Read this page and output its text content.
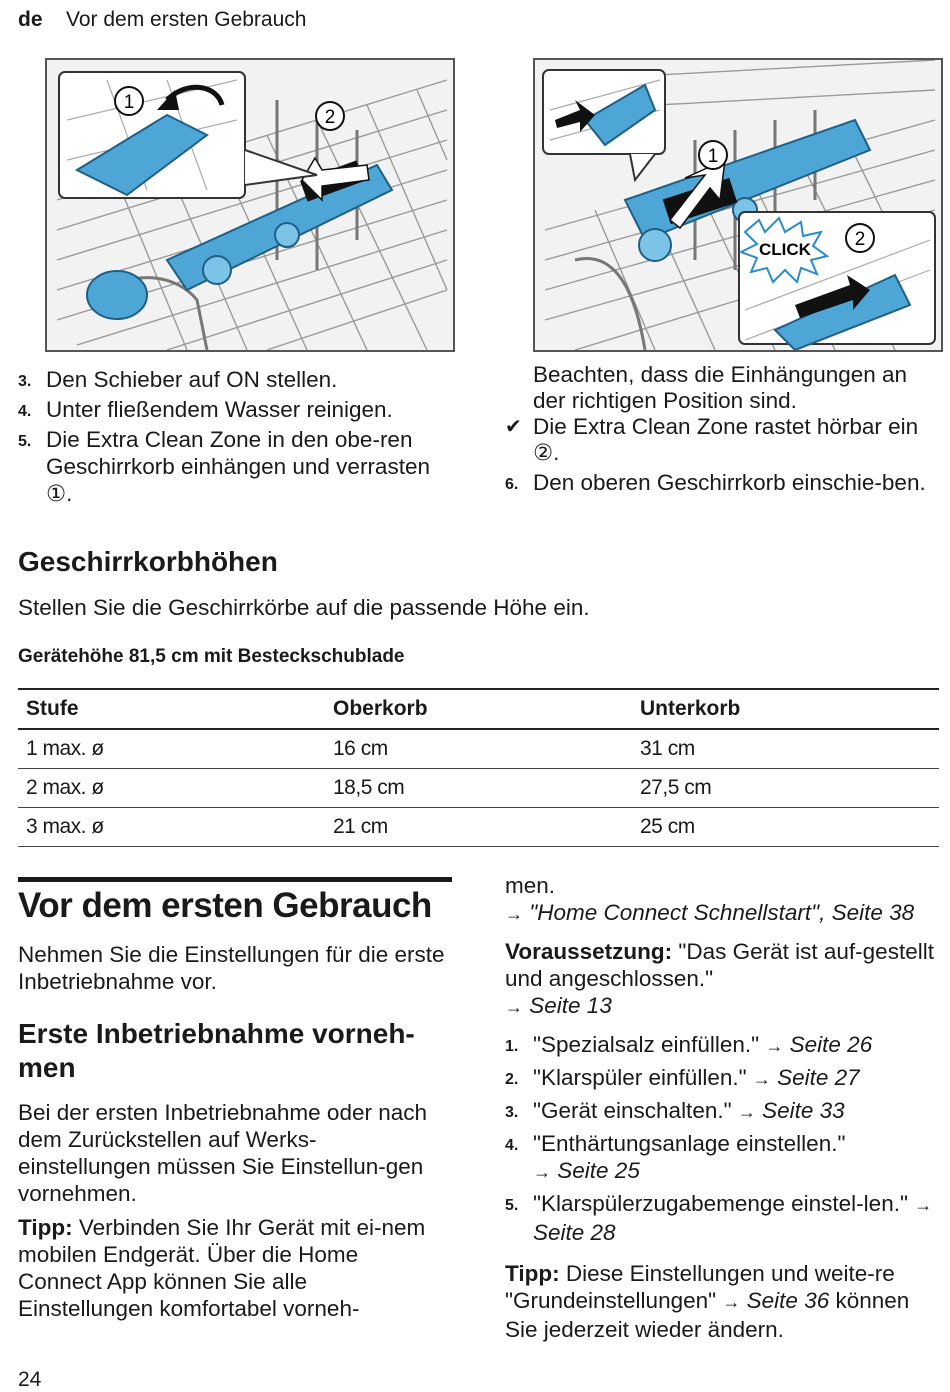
de Vor dem ersten Gebrauch
1
2
CLICK
1
2
3. Den Schieber auf ON stellen.
4. Unter fließendem Wasser reinigen.
5. Die Extra Clean Zone in den obe-ren Geschirrkorb einhängen und verrasten ①.

Beachten, dass die Einhängungen an der richtigen Position sind.

✔ Die Extra Clean Zone rastet hörbar ein ②.
6. Den oberen Geschirrkorb einschie-ben.
Geschirrkorbhöhen

Stellen Sie die Geschirrkörbe auf die passende Höhe ein.

Gerätehöhe 81,5 cm mit Besteckschublade
Stufe	Oberkorb	Unterkorb
1 max. ø	16 cm	31 cm
2 max. ø	18,5 cm	27,5 cm
3 max. ø	21 cm	25 cm
Vor dem ersten Gebrauch

Nehmen Sie die Einstellungen für die erste Inbetriebnahme vor.

Erste Inbetriebnahme vorneh-men

Bei der ersten Inbetriebnahme oder nach dem Zurückstellen auf Werks-einstellungen müssen Sie Einstellun-gen vornehmen.

Tipp: Verbinden Sie Ihr Gerät mit ei-nem mobilen Endgerät. Über die Home Connect App können Sie alle Einstellungen komfortabel vorneh-

men.

→ "Home Connect Schnellstart", Seite 38

Voraussetzung: "Das Gerät ist auf-gestellt und angeschlossen."

→ Seite 13

1. "Spezialsalz einfüllen." → Seite 26
2. "Klarspüler einfüllen." → Seite 27
3. "Gerät einschalten." → Seite 33
4. "Enthärtungsanlage einstellen."
→ Seite 25
5. "Klarspülerzugabemenge einstel-len." → Seite 28

Tipp: Diese Einstellungen und weite-re "Grundeinstellungen" → Seite 36 können Sie jederzeit wieder ändern.

24
